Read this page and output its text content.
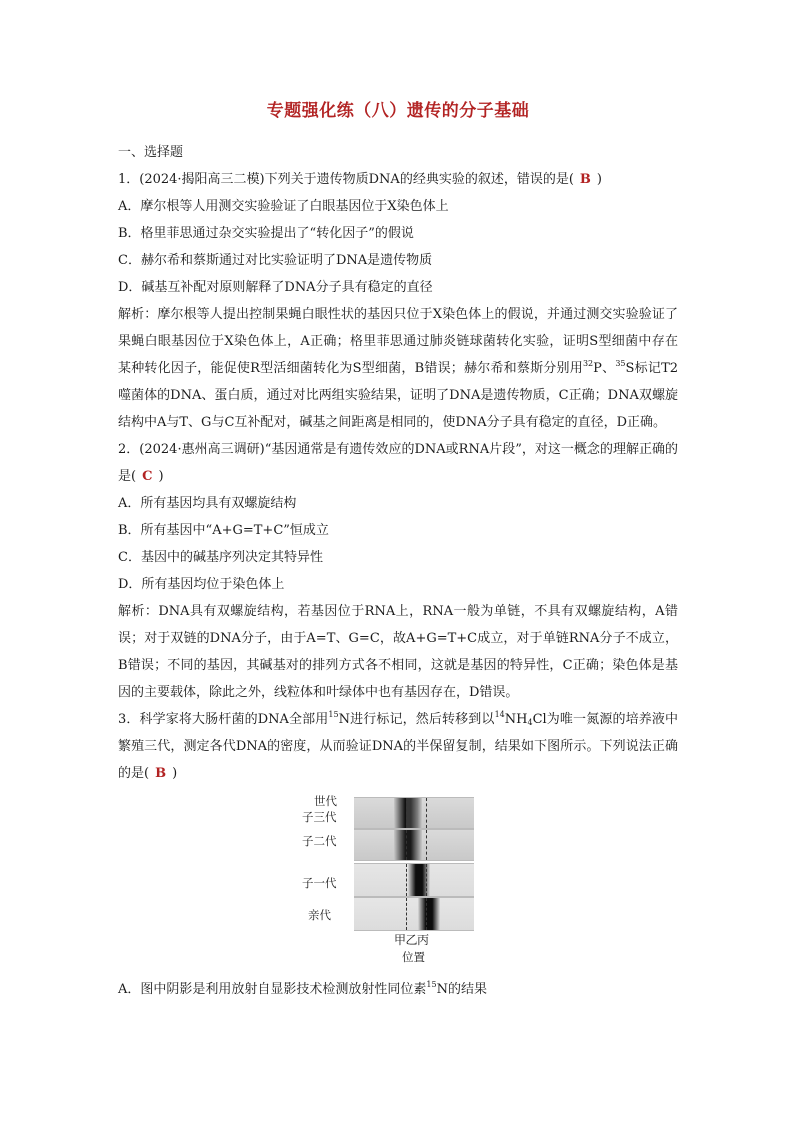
专题强化练（八）遗传的分子基础

一、选择题

1．(2024·揭阳高三二模)下列关于遗传物质DNA的经典实验的叙述，错误的是( B )

A．摩尔根等人用测交实验验证了白眼基因位于X染色体上

B．格里菲思通过杂交实验提出了“转化因子”的假说

C．赫尔希和蔡斯通过对比实验证明了DNA是遗传物质

D．碱基互补配对原则解释了DNA分子具有稳定的直径

解析：摩尔根等人提出控制果蝇白眼性状的基因只位于X染色体上的假说，并通过测交实验验证了果蝇白眼基因位于X染色体上，A正确；格里菲思通过肺炎链球菌转化实验，证明S型细菌中存在某种转化因子，能促使R型活细菌转化为S型细菌，B错误；赫尔希和蔡斯分别用$^{32}$P、$^{35}$S标记T2噬菌体的DNA、蛋白质，通过对比两组实验结果，证明了DNA是遗传物质，C正确；DNA双螺旋结构中A与T、G与C互补配对，碱基之间距离是相同的，使DNA分子具有稳定的直径，D正确。

2．(2024·惠州高三调研)“基因通常是有遗传效应的DNA或RNA片段”，对这一概念的理解正确的是( C )

A．所有基因均具有双螺旋结构

B．所有基因中“A+G=T+C”恒成立

C．基因中的碱基序列决定其特异性

D．所有基因均位于染色体上

解析：DNA具有双螺旋结构，若基因位于RNA上，RNA一般为单链，不具有双螺旋结构，A错误；对于双链的DNA分子，由于A=T、G=C，故A+G=T+C成立，对于单链RNA分子不成立，B错误；不同的基因，其碱基对的排列方式各不相同，这就是基因的特异性，C正确；染色体是基因的主要载体，除此之外，线粒体和叶绿体中也有基因存在，D错误。

3．科学家将大肠杆菌的DNA全部用$^{15}$N进行标记，然后转移到以$^{14}NH_4Cl$为唯一氮源的培养液中繁殖三代，测定各代DNA的密度，从而验证DNA的半保留复制，结果如下图所示。下列说法正确的是( B )

世代
子三代
子二代
子一代
亲代
甲乙丙
位置

A．图中阴影是利用放射自显影技术检测放射性同位素$^{15}$N的结果
